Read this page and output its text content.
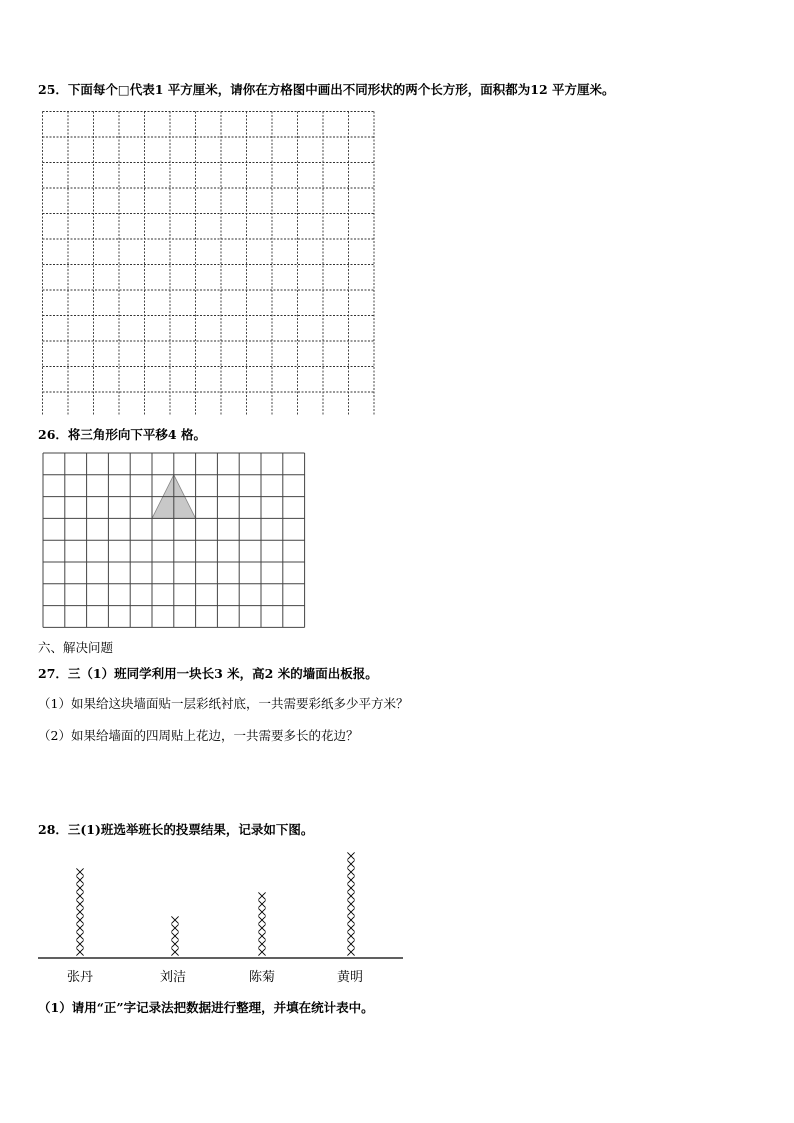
25．下面每个□代表1 平方厘米，请你在方格图中画出不同形状的两个长方形，面积都为12 平方厘米。
26．将三角形向下平移4 格。
六、解决问题
27．三（1）班同学利用一块长3 米，高2 米的墙面出板报。
（1）如果给这块墙面贴一层彩纸衬底，一共需要彩纸多少平方米？
（2）如果给墙面的四周贴上花边，一共需要多长的花边？
28．三(1)班选举班长的投票结果，记录如下图。
张丹	刘洁	陈菊	黄明
（1）请用“正”字记录法把数据进行整理，并填在统计表中。
